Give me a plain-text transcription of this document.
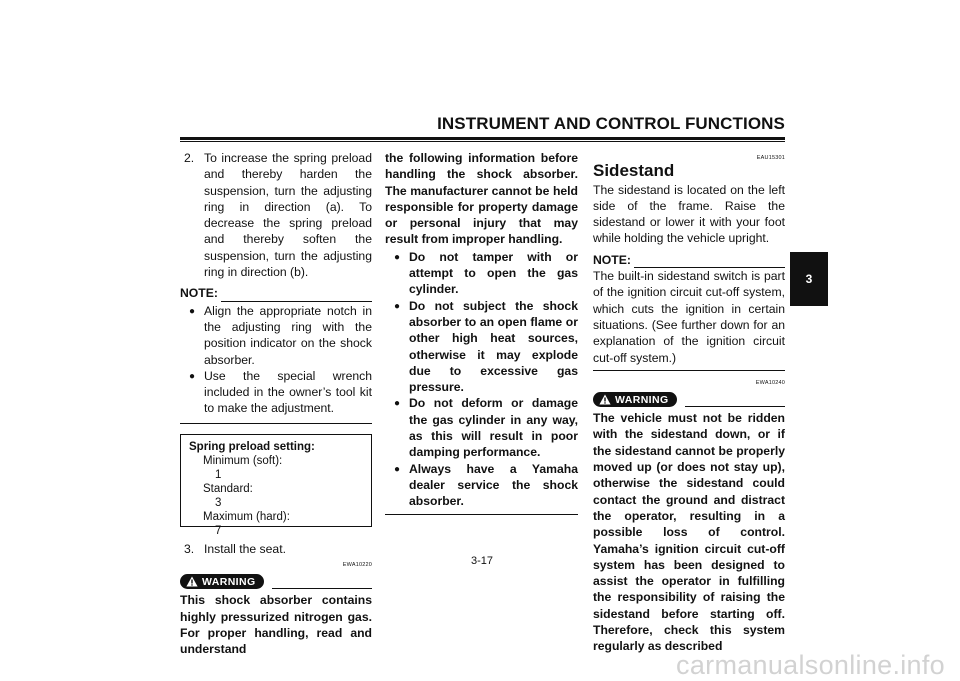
INSTRUMENT AND CONTROL FUNCTIONS
3
2. To increase the spring preload and thereby harden the suspension, turn the adjusting ring in direction (a). To decrease the spring preload and thereby soften the suspension, turn the adjusting ring in direction (b).
NOTE:
● Align the appropriate notch in the adjusting ring with the position indicator on the shock absorber.
● Use the special wrench included in the owner’s tool kit to make the adjustment.
Spring preload setting:
Minimum (soft):
1
Standard:
3
Maximum (hard):
7
3. Install the seat.
EWA10220
WARNING
This shock absorber contains highly pressurized nitrogen gas. For proper handling, read and understand
the following information before handling the shock absorber. The manufacturer cannot be held responsible for property damage or personal injury that may result from improper handling.
● Do not tamper with or attempt to open the gas cylinder.
● Do not subject the shock absorber to an open flame or other high heat sources, otherwise it may explode due to excessive gas pressure.
● Do not deform or damage the gas cylinder in any way, as this will result in poor damping performance.
● Always have a Yamaha dealer service the shock absorber.
EAU15301
Sidestand
The sidestand is located on the left side of the frame. Raise the sidestand or lower it with your foot while holding the vehicle upright.
NOTE:
The built-in sidestand switch is part of the ignition circuit cut-off system, which cuts the ignition in certain situations. (See further down for an explanation of the ignition circuit cut-off system.)
EWA10240
WARNING
The vehicle must not be ridden with the sidestand down, or if the sidestand cannot be properly moved up (or does not stay up), otherwise the sidestand could contact the ground and distract the operator, resulting in a possible loss of control. Yamaha’s ignition circuit cut-off system has been designed to assist the operator in fulfilling the responsibility of raising the sidestand before starting off. Therefore, check this system regularly as described
3-17
carmanualsonline.info
